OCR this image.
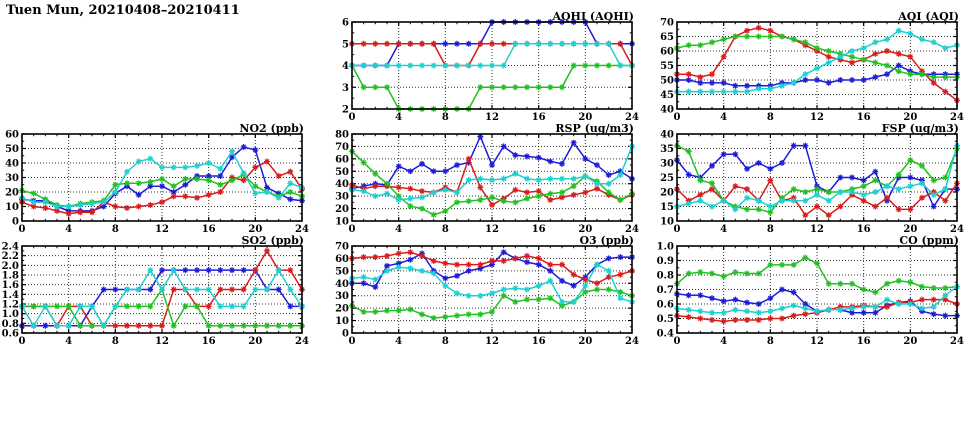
Tuen Mun, 20210408–20210411
0	4	8	12	16	20	24
2
3
4
5
6	AQHI (AQHI)
0	4	8	12	16	20	24
40
45
50
55
60
65
70	AQI (AQI)
0	4	8	12	16	20	24
0
10
20
30
40
50
60	NO2 (ppb)
0	4	8	12	16	20	24
10
20
30
40
50
60
70
80	RSP (ug/m3)
0	4	8	12	16	20	24
10
15
20
25
30
35
40	FSP (ug/m3)
0	4	8	12	16	20	24
0.6
0.8
1.0
1.2
1.4
1.6
1.8
2.0
2.2
2.4	SO2 (ppb)
0	4	8	12	16	20	24
0
10
20
30
40
50
60
70	O3 (ppb)
0	4	8	12	16	20	24
0.4
0.5
0.6
0.7
0.8
0.9
1.0	CO (ppm)
